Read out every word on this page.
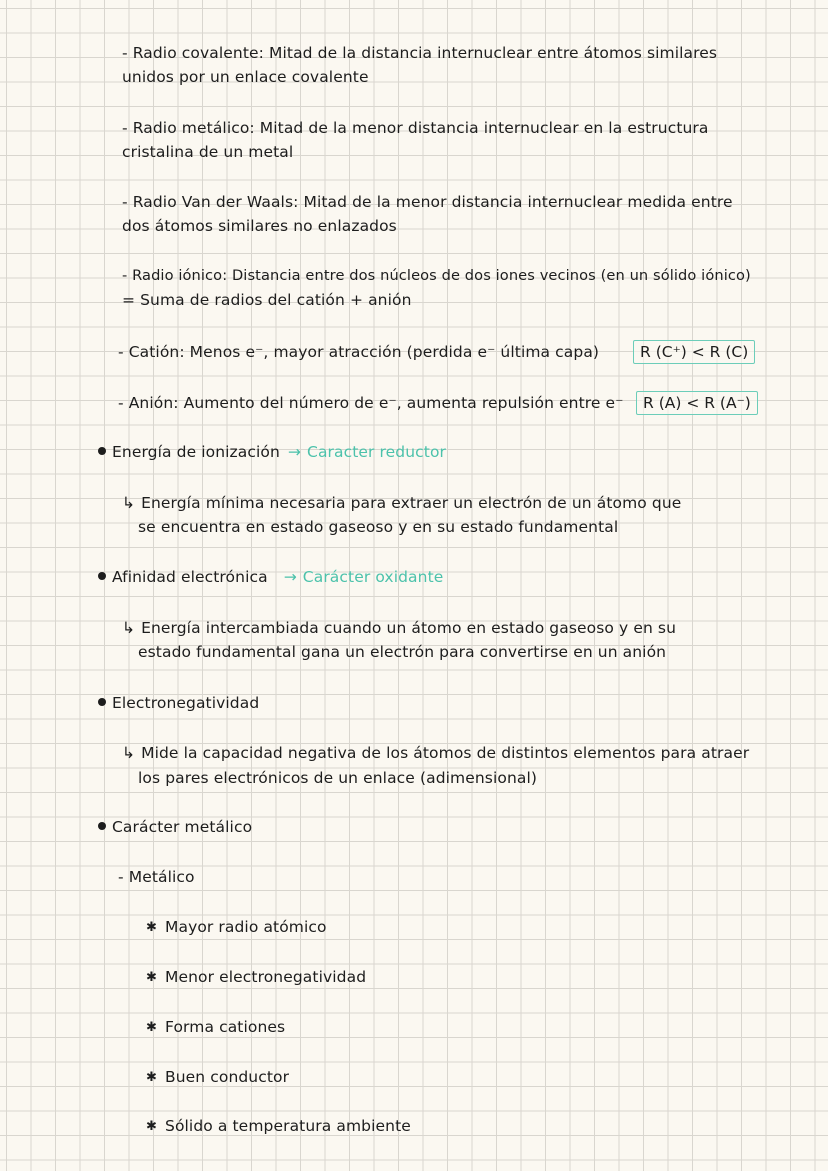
- Radio covalente: Mitad de la distancia internuclear entre átomos similares
unidos por un enlace covalente
- Radio metálico: Mitad de la menor distancia internuclear en la estructura
cristalina de un metal
- Radio Van der Waals: Mitad de la menor distancia internuclear medida entre
dos átomos similares no enlazados
- Radio iónico: Distancia entre dos núcleos de dos iones vecinos (en un sólido iónico)
= Suma de radios del catión + anión
- Catión: Menos e⁻, mayor atracción (perdida e⁻ última capa)	R (C⁺) < R (C)
- Anión: Aumento del número de e⁻, aumenta repulsión entre e⁻	R (A) < R (A⁻)
Energía de ionización → Caracter reductor
↳ Energía mínima necesaria para extraer un electrón de un átomo que
se encuentra en estado gaseoso y en su estado fundamental
Afinidad electrónica → Carácter oxidante
↳ Energía intercambiada cuando un átomo en estado gaseoso y en su
estado fundamental gana un electrón para convertirse en un anión
Electronegatividad
↳ Mide la capacidad negativa de los átomos de distintos elementos para atraer
los pares electrónicos de un enlace (adimensional)
Carácter metálico
- Metálico
✱ Mayor radio atómico
✱ Menor electronegatividad
✱ Forma cationes
✱ Buen conductor
✱ Sólido a temperatura ambiente
